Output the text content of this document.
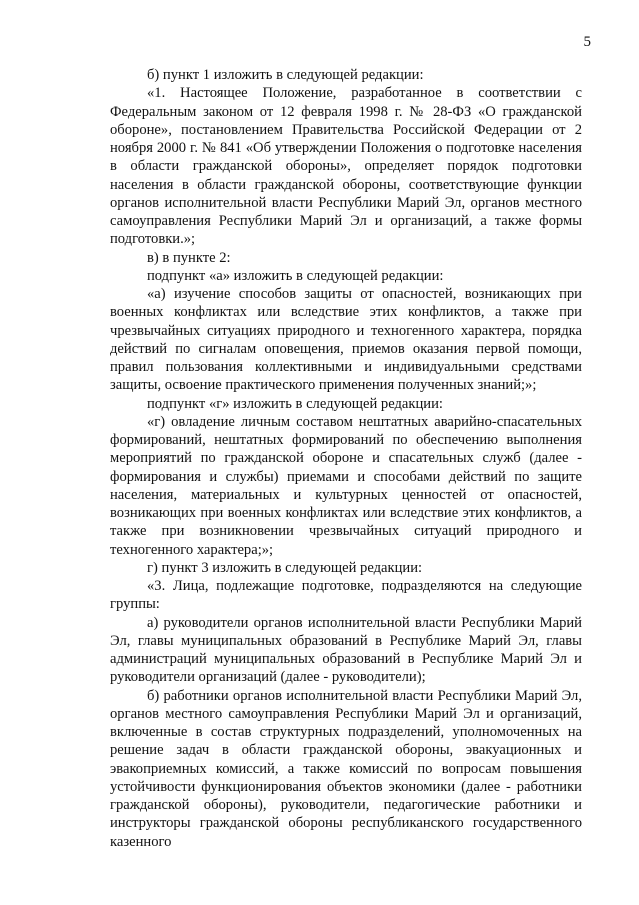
5

б) пункт 1 изложить в следующей редакции:

«1. Настоящее Положение, разработанное в соответствии с Федеральным законом от 12 февраля 1998 г. № 28-ФЗ «О гражданской обороне», постановлением Правительства Российской Федерации от 2 ноября 2000 г. № 841 «Об утверждении Положения о подготовке населения в области гражданской обороны», определяет порядок подготовки населения в области гражданской обороны, соответствующие функции органов исполнительной власти Республики Марий Эл, органов местного самоуправления Республики Марий Эл и организаций, а также формы подготовки.»;

в) в пункте 2:

подпункт «а» изложить в следующей редакции:

«а) изучение способов защиты от опасностей, возникающих при военных конфликтах или вследствие этих конфликтов, а также при чрезвычайных ситуациях природного и техногенного характера, порядка действий по сигналам оповещения, приемов оказания первой помощи, правил пользования коллективными и индивидуальными средствами защиты, освоение практического применения полученных знаний;»;

подпункт «г» изложить в следующей редакции:

«г) овладение личным составом нештатных аварийно-спасательных формирований, нештатных формирований по обеспечению выполнения мероприятий по гражданской обороне и спасательных служб (далее - формирования и службы) приемами и способами действий по защите населения, материальных и культурных ценностей от опасностей, возникающих при военных конфликтах или вследствие этих конфликтов, а также при возникновении чрезвычайных ситуаций природного и техногенного характера;»;

г) пункт 3 изложить в следующей редакции:

«3. Лица, подлежащие подготовке, подразделяются на следующие группы:

а) руководители органов исполнительной власти Республики Марий Эл, главы муниципальных образований в Республике Марий Эл, главы администраций муниципальных образований в Республике Марий Эл и руководители организаций (далее - руководители);

б) работники органов исполнительной власти Республики Марий Эл, органов местного самоуправления Республики Марий Эл и организаций, включенные в состав структурных подразделений, уполномоченных на решение задач в области гражданской обороны, эвакуационных и эвакоприемных комиссий, а также комиссий по вопросам повышения устойчивости функционирования объектов экономики (далее - работники гражданской обороны), руководители, педагогические работники и инструкторы гражданской обороны республиканского государственного казенного
